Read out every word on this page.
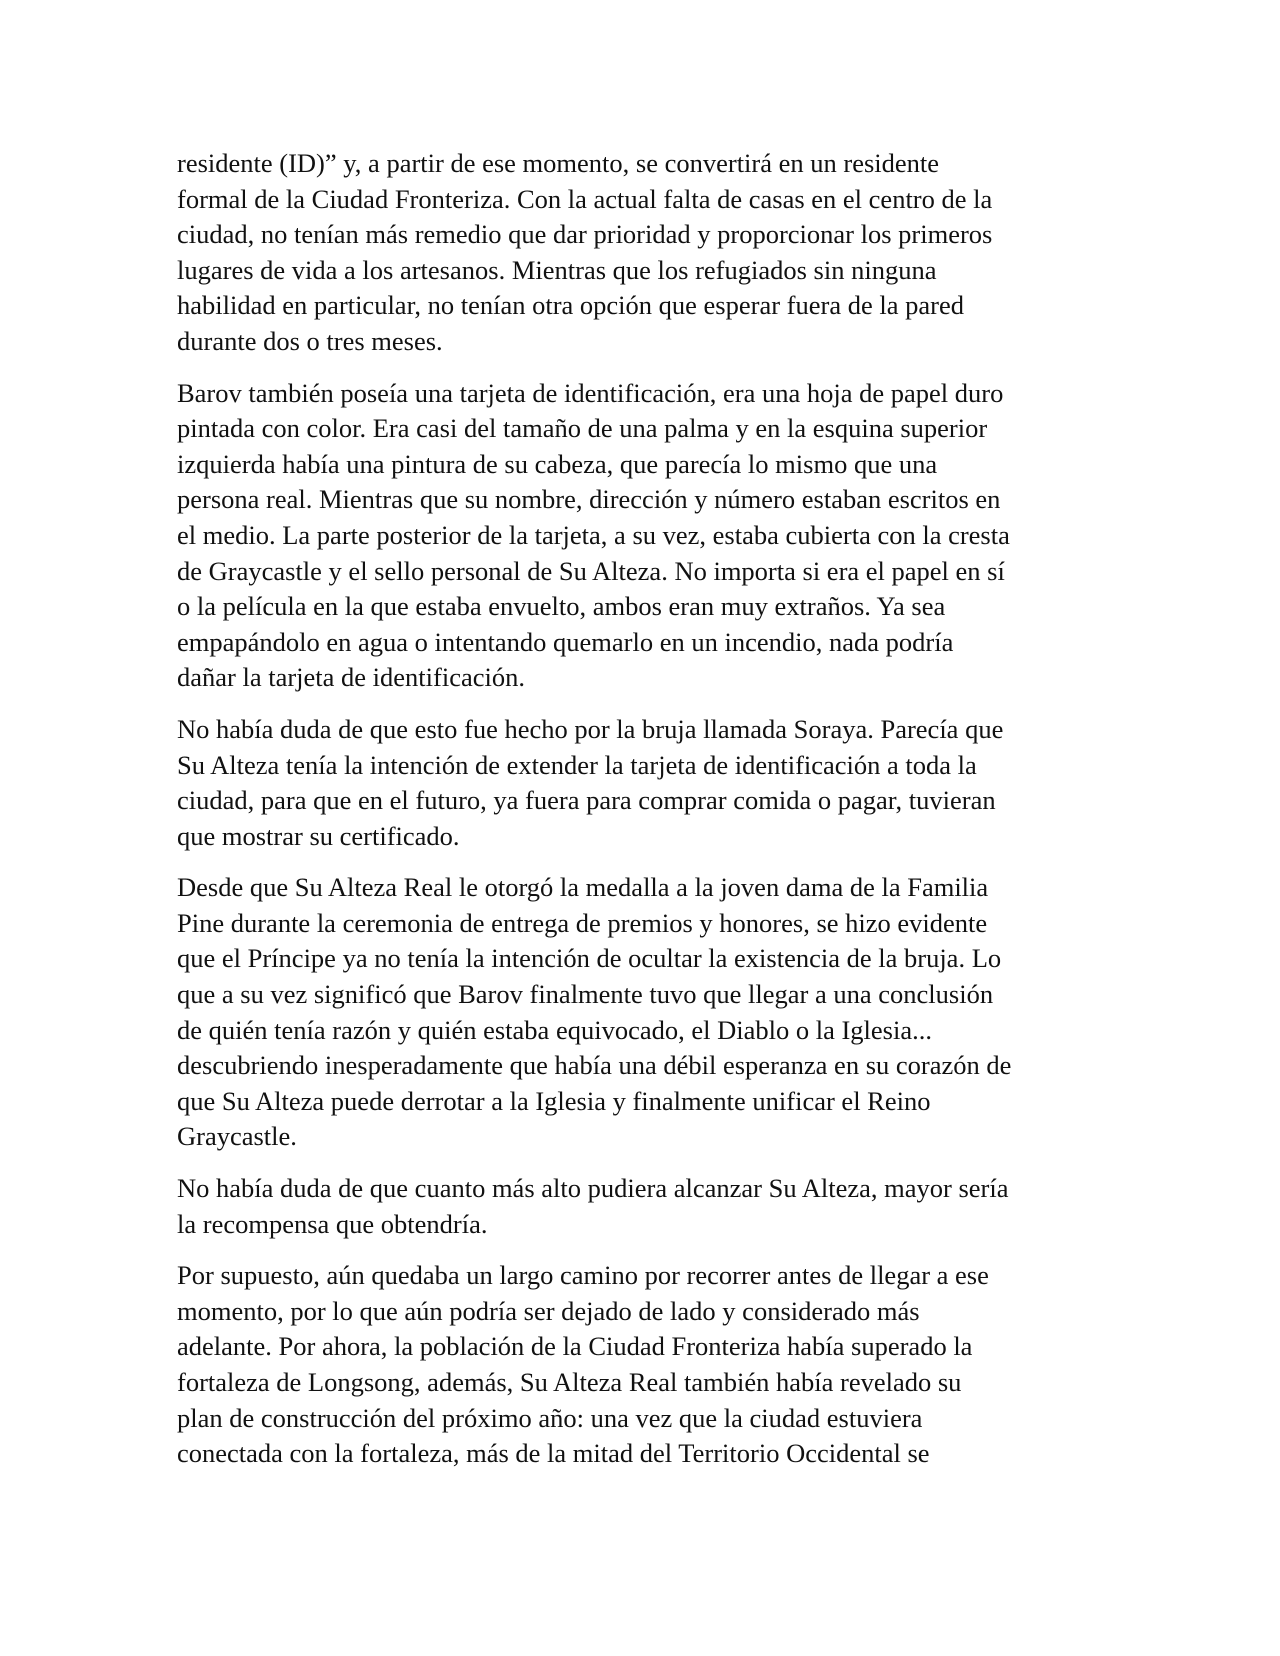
residente (ID)” y, a partir de ese momento, se convertirá en un residente
formal de la Ciudad Fronteriza. Con la actual falta de casas en el centro de la
ciudad, no tenían más remedio que dar prioridad y proporcionar los primeros
lugares de vida a los artesanos. Mientras que los refugiados sin ninguna
habilidad en particular, no tenían otra opción que esperar fuera de la pared
durante dos o tres meses.

Barov también poseía una tarjeta de identificación, era una hoja de papel duro
pintada con color. Era casi del tamaño de una palma y en la esquina superior
izquierda había una pintura de su cabeza, que parecía lo mismo que una
persona real. Mientras que su nombre, dirección y número estaban escritos en
el medio. La parte posterior de la tarjeta, a su vez, estaba cubierta con la cresta
de Graycastle y el sello personal de Su Alteza. No importa si era el papel en sí
o la película en la que estaba envuelto, ambos eran muy extraños. Ya sea
empapándolo en agua o intentando quemarlo en un incendio, nada podría
dañar la tarjeta de identificación.

No había duda de que esto fue hecho por la bruja llamada Soraya. Parecía que
Su Alteza tenía la intención de extender la tarjeta de identificación a toda la
ciudad, para que en el futuro, ya fuera para comprar comida o pagar, tuvieran
que mostrar su certificado.

Desde que Su Alteza Real le otorgó la medalla a la joven dama de la Familia
Pine durante la ceremonia de entrega de premios y honores, se hizo evidente
que el Príncipe ya no tenía la intención de ocultar la existencia de la bruja. Lo
que a su vez significó que Barov finalmente tuvo que llegar a una conclusión
de quién tenía razón y quién estaba equivocado, el Diablo o la Iglesia...
descubriendo inesperadamente que había una débil esperanza en su corazón de
que Su Alteza puede derrotar a la Iglesia y finalmente unificar el Reino
Graycastle.

No había duda de que cuanto más alto pudiera alcanzar Su Alteza, mayor sería
la recompensa que obtendría.

Por supuesto, aún quedaba un largo camino por recorrer antes de llegar a ese
momento, por lo que aún podría ser dejado de lado y considerado más
adelante. Por ahora, la población de la Ciudad Fronteriza había superado la
fortaleza de Longsong, además, Su Alteza Real también había revelado su
plan de construcción del próximo año: una vez que la ciudad estuviera
conectada con la fortaleza, más de la mitad del Territorio Occidental se
